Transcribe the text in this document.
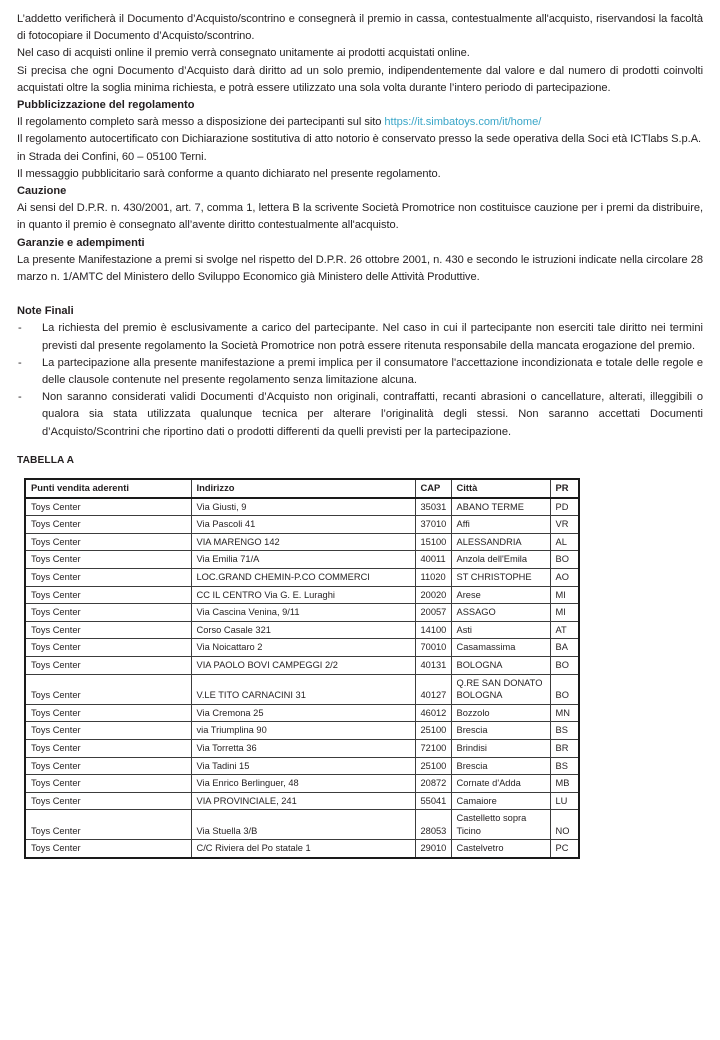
L’addetto verificherà il Documento d’Acquisto/scontrino e consegnerà il premio in cassa, contestualmente all'acquisto, riservandosi la facoltà di fotocopiare il Documento d’Acquisto/scontrino.

Nel caso di acquisti online il premio verrà consegnato unitamente ai prodotti acquistati online.

Si precisa che ogni Documento d’Acquisto darà diritto ad un solo premio, indipendentemente dal valore e dal numero di prodotti coinvolti acquistati oltre la soglia minima richiesta, e potrà essere utilizzato una sola volta durante l’intero periodo di partecipazione.

Pubblicizzazione del regolamento

Il regolamento completo sarà messo a disposizione dei partecipanti sul sito https://it.simbatoys.com/it/home/

Il regolamento autocertificato con Dichiarazione sostitutiva di atto notorio è conservato presso la sede operativa della Soci età ICTlabs S.p.A. in Strada dei Confini, 60 – 05100 Terni.

Il messaggio pubblicitario sarà conforme a quanto dichiarato nel presente regolamento.

Cauzione

Ai sensi del D.P.R. n. 430/2001, art. 7, comma 1, lettera B la scrivente Società Promotrice non costituisce cauzione per i premi da distribuire, in quanto il premio è consegnato all’avente diritto contestualmente all'acquisto.

Garanzie e adempimenti

La presente Manifestazione a premi si svolge nel rispetto del D.P.R. 26 ottobre 2001, n. 430 e secondo le istruzioni indicate nella circolare 28 marzo n. 1/AMTC del Ministero dello Sviluppo Economico già Ministero delle Attività Produttive.

Note Finali
-	La richiesta del premio è esclusivamente a carico del partecipante. Nel caso in cui il partecipante non eserciti tale diritto nei termini previsti dal presente regolamento la Società Promotrice non potrà essere ritenuta responsabile della mancata erogazione del premio.
-	La partecipazione alla presente manifestazione a premi implica per il consumatore l'accettazione incondizionata e totale delle regole e delle clausole contenute nel presente regolamento senza limitazione alcuna.
-	Non saranno considerati validi Documenti d’Acquisto non originali, contraffatti, recanti abrasioni o cancellature, alterati, illeggibili o qualora sia stata utilizzata qualunque tecnica per alterare l’originalità degli stessi. Non saranno accettati Documenti d’Acquisto/Scontrini che riportino dati o prodotti differenti da quelli previsti per la partecipazione.
TABELLA A
Punti vendita aderenti	Indirizzo	CAP	Città	PR
Toys Center	Via Giusti, 9	35031	ABANO TERME	PD
Toys Center	Via Pascoli 41	37010	Affi	VR
Toys Center	VIA MARENGO 142	15100	ALESSANDRIA	AL
Toys Center	Via Emilia 71/A	40011	Anzola dell'Emila	BO
Toys Center	LOC.GRAND CHEMIN-P.CO COMMERCI	11020	ST CHRISTOPHE	AO
Toys Center	CC IL CENTRO Via G. E. Luraghi	20020	Arese	MI
Toys Center	Via Cascina Venina, 9/11	20057	ASSAGO	MI
Toys Center	Corso Casale 321	14100	Asti	AT
Toys Center	Via Noicattaro 2	70010	Casamassima	BA
Toys Center	VIA PAOLO BOVI CAMPEGGI 2/2	40131	BOLOGNA	BO
Toys Center	V.LE TITO CARNACINI 31	40127	Q.RE SAN DONATO BOLOGNA	BO
Toys Center	Via Cremona 25	46012	Bozzolo	MN
Toys Center	via Triumplina 90	25100	Brescia	BS
Toys Center	Via Torretta 36	72100	Brindisi	BR
Toys Center	Via Tadini 15	25100	Brescia	BS
Toys Center	Via Enrico Berlinguer, 48	20872	Cornate d'Adda	MB
Toys Center	VIA PROVINCIALE, 241	55041	Camaiore	LU
Toys Center	Via Stuella 3/B	28053	Castelletto sopra Ticino	NO
Toys Center	C/C Riviera del Po statale 1	29010	Castelvetro	PC
